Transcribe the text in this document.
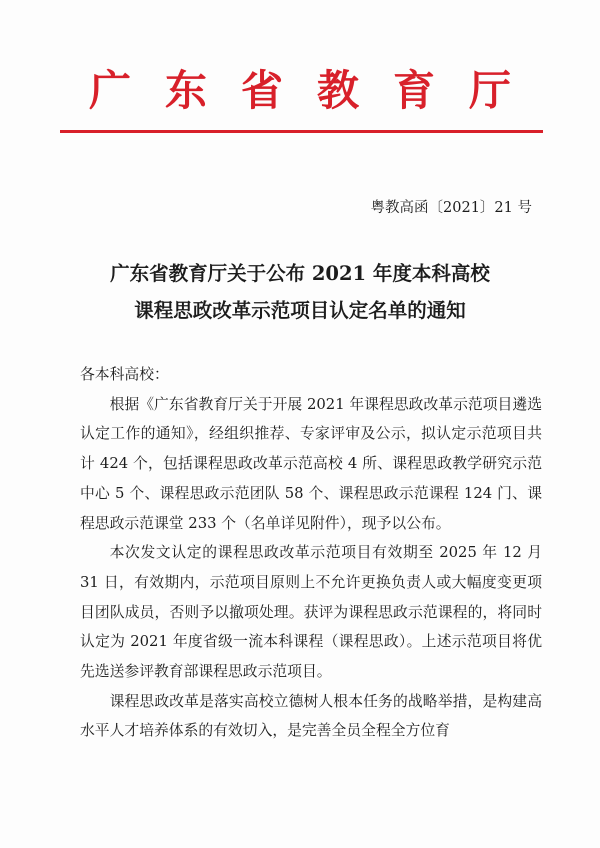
广东省教育厅
粤教高函〔2021〕21 号
广东省教育厅关于公布 2021 年度本科高校
课程思政改革示范项目认定名单的通知

各本科高校：

根据《广东省教育厅关于开展 2021 年课程思政改革示范项目遴选认定工作的通知》，经组织推荐、专家评审及公示，拟认定示范项目共计 424 个，包括课程思政改革示范高校 4 所、课程思政教学研究示范中心 5 个、课程思政示范团队 58 个、课程思政示范课程 124 门、课程思政示范课堂 233 个（名单详见附件），现予以公布。

本次发文认定的课程思政改革示范项目有效期至 2025 年 12 月 31 日，有效期内，示范项目原则上不允许更换负责人或大幅度变更项目团队成员，否则予以撤项处理。获评为课程思政示范课程的，将同时认定为 2021 年度省级一流本科课程（课程思政）。上述示范项目将优先选送参评教育部课程思政示范项目。

课程思政改革是落实高校立德树人根本任务的战略举措，是构建高水平人才培养体系的有效切入，是完善全员全程全方位育
